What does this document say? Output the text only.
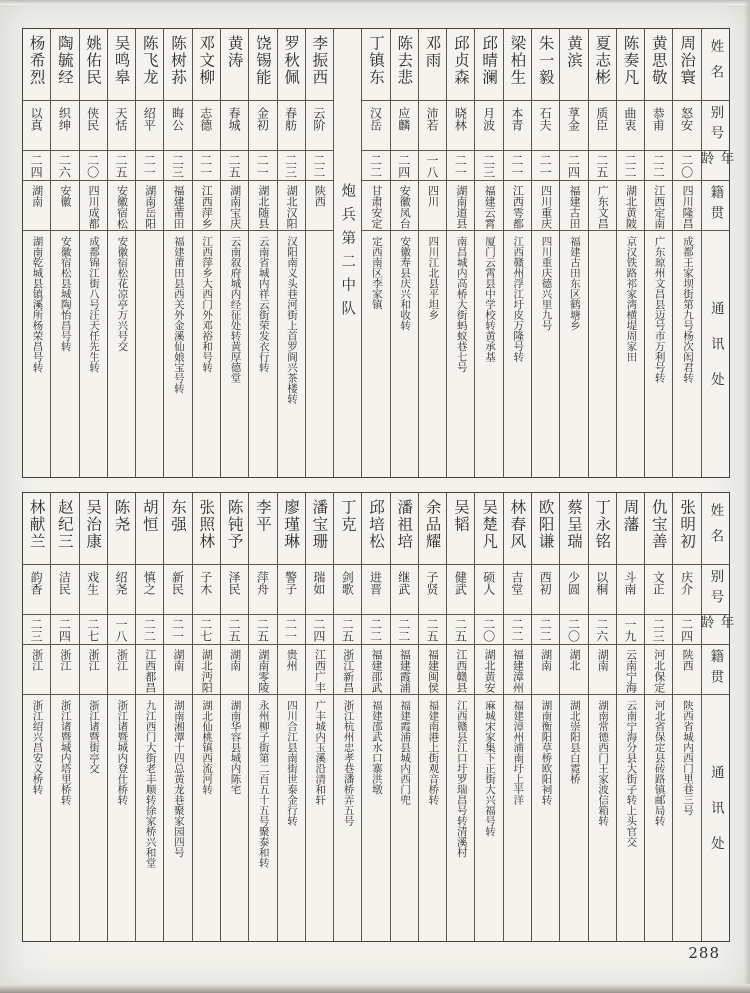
姓名
别号
年龄
籍贯
通讯处
周治寰
怒安
二〇
四川隆昌
成都王家坝街第九号杨次闳君转
黄思敬
恭甫
二二
江西定南
广东琼州文昌县迈号市万利号转
陈奏凡
曲衷
二二
湖北黄陂
京汉铁路祁家湾横堤周家田
夏志彬
质臣
二五
广东文昌
黄滨
莩金
二四
福建古田
福建古田东区鹤塘乡
朱一毅
石夫
二一
四川重庆
四川重庆德兴里九号
梁柏生
本青
二一
江西雩都
江西赣州浮江圩皮万隆号转
邱晴澜
月波
二三
福建云霄
厦门云霄县中学校转黄承基
邱贞森
晓林
二一
湖南道县
南昌城内高桥大街蚂蚁巷七号
邓雨
沛若
一八
四川
四川江北县平坦乡
陈去悲
应麟
二四
安徽凤台
安徽寿县庆兴和收转
丁镇东
汉岳
二二
甘肃安定
定西南区李家镇
炮兵第二中队
李振西
云阶
二二
陕西
罗秋佩
春舫
二三
湖北汉阳
汉阳南义头巷河街上首罗阆兴茶楼转
饶锡能
金初
二一
湖北随县
云南省城内祥云街荣发衣行转
黄涛
春城
二五
湖南宝庆
云南叙府城内经征处转黄厚德堂
邓文柳
志德
二一
江西萍乡
江西萍乡大西门外邓裕和号转
陈树荪
晦公
二三
福建莆田
福建莆田县西关外金溪仙娘宝号转
陈飞龙
绍平
二一
湖南岳阳
吴鸣皋
天恬
二五
安徽宿松
安徽宿松花凉亭万兴号交
姚佑民
侠民
二〇
四川成都
成都锦江街八号汪天任先生转
陶毓经
织绅
二六
安徽
安徽宿松县城陶怡昌号转
杨希烈
以真
二四
湖南
湖南乾城县镇溪所杨荣昌号转
姓名
别号
年龄
籍贯
通讯处
张明初
庆介
二四
陕西
陕西省城内西门里巷三号
仇宝善
文正
二三
河北保定
河北省保定县砖路镇邮局转
周藩
斗南
一九
云南宁海
云南宁海分县大街子转上头官交
丁永铭
以桐
二六
湖南
湖南常德西门王家波信箱转
蔡呈瑞
少圆
二〇
湖北
湖北崇阳县白霓桥
欧阳谦
西初
二二
湖南
湖南衡阳草桥欧阳祠转
林春风
吉堂
二二
福建漳州
福建漳州浦南圩上半洋
吴楚凡
硕人
二〇
湖北黄安
麻城宋家集下正街大兴福号转
吴韬
健武
二五
江西赣县
江西赣县江口圩罗瑞昌号转清溪村
余品耀
子贤
二五
福建闽侯
福建南港上街观音桥转
潘祖培
继武
二二
福建霞浦
福建霞浦县城内西门兜
邱培松
进晋
二二
福建邵武
福建邵武水口寨洪墩
丁克
剑歌
二五
浙江新昌
浙江杭州忠孝巷潘桥弄五号
潘宝珊
瑞如
二四
江西广丰
广丰城内玉溪沿清和轩
廖瑾琳
警子
二一
贵州
四川合江县南街世泰金行转
李平
萍舟
二五
湖南零陵
永州柳子街第二百五十五号聚泰和转
陈钝予
泽民
二五
湖南
湖南华容县城内陈宅
张照林
子木
二七
湖北沔阳
湖北仙桃镇西流河转
东强
新民
二一
湖南
湖南湘潭十四总黄龙巷聚家园四号
胡恒
慎之
二二
江西都昌
九江西门大街老丰顺转徐家桥兴和堂
陈尧
绍尧
一八
浙江
浙江诸暨城内登仕桥转
吴治康
戏生
二七
浙江
浙江诸暨街亭交
赵纪三
洁民
二四
浙江
浙江诸暨城内塔里桥转
林献兰
韵香
二三
浙江
浙江绍兴昌安义桥转
288
